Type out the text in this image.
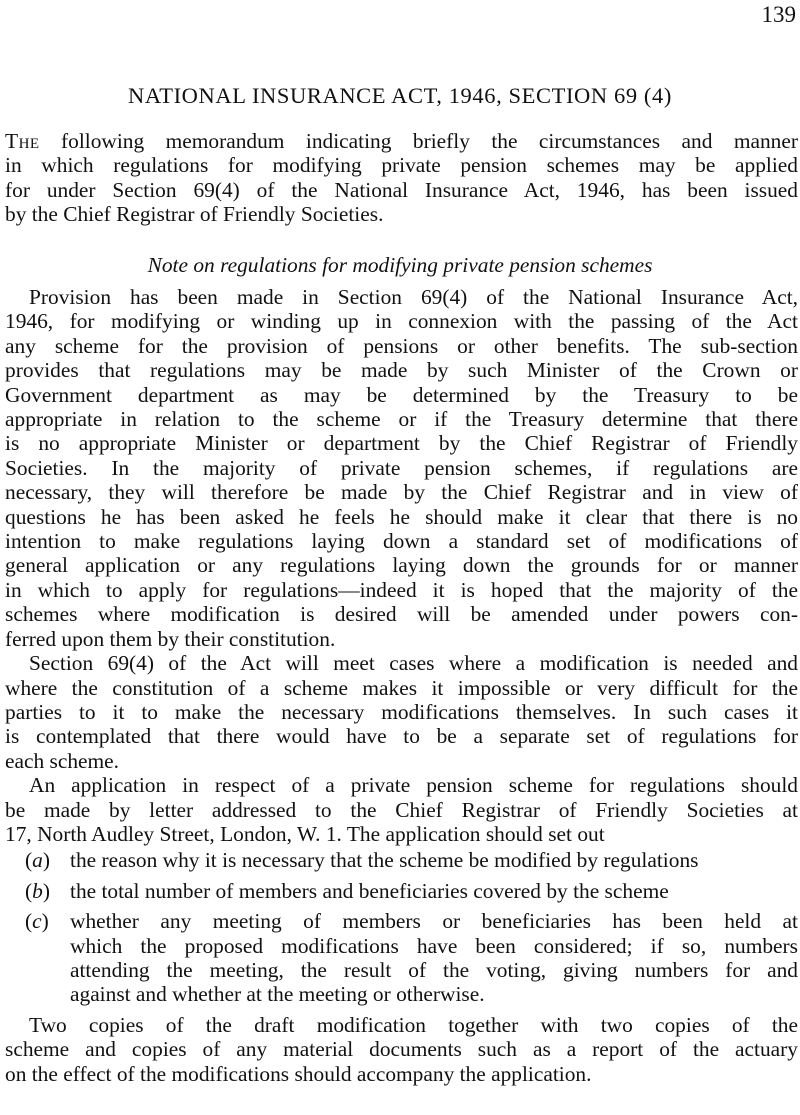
139
NATIONAL INSURANCE ACT, 1946, SECTION 69 (4)
The following memorandum indicating briefly the circumstances and manner
in which regulations for modifying private pension schemes may be applied
for under Section 69(4) of the National Insurance Act, 1946, has been issued
by the Chief Registrar of Friendly Societies.
Note on regulations for modifying private pension schemes
Provision has been made in Section 69(4) of the National Insurance Act,
1946, for modifying or winding up in connexion with the passing of the Act
any scheme for the provision of pensions or other benefits. The sub-section
provides that regulations may be made by such Minister of the Crown or
Government department as may be determined by the Treasury to be
appropriate in relation to the scheme or if the Treasury determine that there
is no appropriate Minister or department by the Chief Registrar of Friendly
Societies. In the majority of private pension schemes, if regulations are
necessary, they will therefore be made by the Chief Registrar and in view of
questions he has been asked he feels he should make it clear that there is no
intention to make regulations laying down a standard set of modifications of
general application or any regulations laying down the grounds for or manner
in which to apply for regulations—indeed it is hoped that the majority of the
schemes where modification is desired will be amended under powers con-
ferred upon them by their constitution.
Section 69(4) of the Act will meet cases where a modification is needed and
where the constitution of a scheme makes it impossible or very difficult for the
parties to it to make the necessary modifications themselves. In such cases it
is contemplated that there would have to be a separate set of regulations for
each scheme.
An application in respect of a private pension scheme for regulations should
be made by letter addressed to the Chief Registrar of Friendly Societies at
17, North Audley Street, London, W. 1. The application should set out
(a) the reason why it is necessary that the scheme be modified by regulations
(b) the total number of members and beneficiaries covered by the scheme
(c) whether any meeting of members or beneficiaries has been held at
which the proposed modifications have been considered; if so, numbers
attending the meeting, the result of the voting, giving numbers for and
against and whether at the meeting or otherwise.
Two copies of the draft modification together with two copies of the
scheme and copies of any material documents such as a report of the actuary
on the effect of the modifications should accompany the application.
